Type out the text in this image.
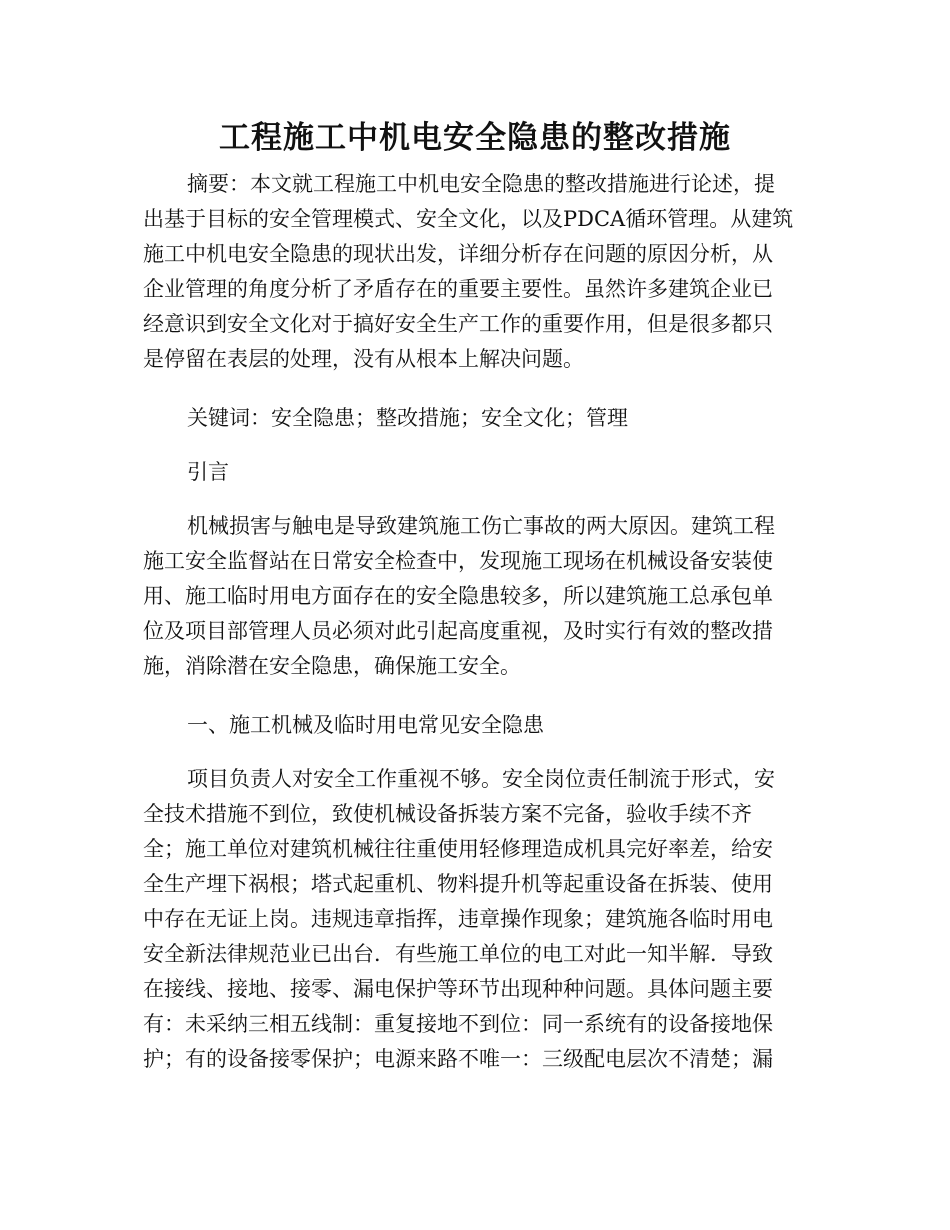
工程施工中机电安全隐患的整改措施

摘要：本文就工程施工中机电安全隐患的整改措施进行论述，提

出基于目标的安全管理模式、安全文化，以及PDCA循环管理。从建筑

施工中机电安全隐患的现状出发，详细分析存在问题的原因分析，从

企业管理的角度分析了矛盾存在的重要主要性。虽然许多建筑企业已

经意识到安全文化对于搞好安全生产工作的重要作用，但是很多都只

是停留在表层的处理，没有从根本上解决问题。

关键词：安全隐患；整改措施；安全文化；管理

引言

机械损害与触电是导致建筑施工伤亡事故的两大原因。建筑工程

施工安全监督站在日常安全检查中，发现施工现场在机械设备安装使

用、施工临时用电方面存在的安全隐患较多，所以建筑施工总承包单

位及项目部管理人员必须对此引起高度重视，及时实行有效的整改措

施，消除潜在安全隐患，确保施工安全。

一、施工机械及临时用电常见安全隐患

项目负责人对安全工作重视不够。安全岗位责任制流于形式，安

全技术措施不到位，致使机械设备拆装方案不完备，验收手续不齐

全；施工单位对建筑机械往往重使用轻修理造成机具完好率差，给安

全生产埋下祸根；塔式起重机、物料提升机等起重设备在拆装、使用

中存在无证上岗。违规违章指挥，违章操作现象；建筑施各临时用电

安全新法律规范业已出台．有些施工单位的电工对此一知半解．导致

在接线、接地、接零、漏电保护等环节出现种种问题。具体问题主要

有：未采纳三相五线制：重复接地不到位：同一系统有的设备接地保

护；有的设备接零保护；电源来路不唯一：三级配电层次不清楚；漏
